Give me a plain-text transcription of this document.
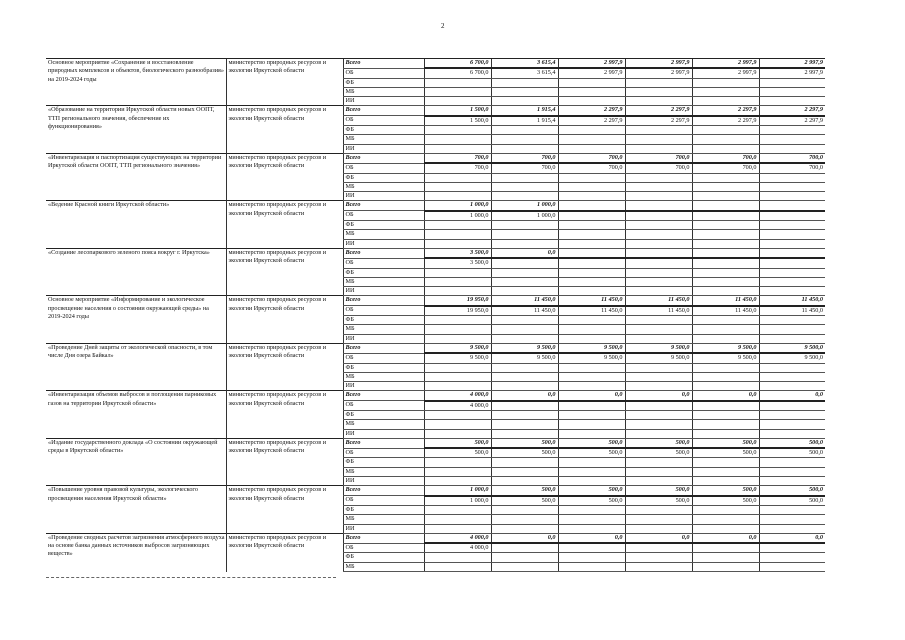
2
Основное мероприятие «Сохранение и восстановление природных комплексов и объектов, биологического разнообразия» на 2019-2024 годы	министерство природных ресурсов и экологии Иркутской области	Всего	6 700,0	3 615,4	2 997,9	2 997,9	2 997,9	2 997,9
		ОБ	6 700,0	3 615,4	2 997,9	2 997,9	2 997,9	2 997,9
		ФБ						
		МБ						
		ИИ						
«Образование на территории Иркутской области новых ООПТ, ТТП регионального значения, обеспечение их функционирования»	министерство природных ресурсов и экологии Иркутской области	Всего	1 500,0	1 915,4	2 297,9	2 297,9	2 297,9	2 297,9
		ОБ	1 500,0	1 915,4	2 297,9	2 297,9	2 297,9	2 297,9
		ФБ						
		МБ						
		ИИ						
«Инвентаризация и паспортизация существующих на территории Иркутской области ООПТ, ТТП регионального значения»	министерство природных ресурсов и экологии Иркутской области	Всего	700,0	700,0	700,0	700,0	700,0	700,0
		ОБ	700,0	700,0	700,0	700,0	700,0	700,0
		ФБ						
		МБ						
		ИИ						
«Ведение Красной книги Иркутской области»	министерство природных ресурсов и экологии Иркутской области	Всего	1 000,0	1 000,0				
		ОБ	1 000,0	1 000,0				
		ФБ						
		МБ						
		ИИ						
«Создание лесопаркового зеленого пояса вокруг г. Иркутска»	министерство природных ресурсов и экологии Иркутской области	Всего	3 500,0	0,0				
		ОБ	3 500,0					
		ФБ						
		МБ						
		ИИ						
Основное мероприятие «Информирование и экологическое просвещение населения о состоянии окружающей среды» на 2019-2024 годы	министерство природных ресурсов и экологии Иркутской области	Всего	19 950,0	11 450,0	11 450,0	11 450,0	11 450,0	11 450,0
		ОБ	19 950,0	11 450,0	11 450,0	11 450,0	11 450,0	11 450,0
		ФБ						
		МБ						
		ИИ						
«Проведение Дней защиты от экологической опасности, в том числе Дня озера Байкал»	министерство природных ресурсов и экологии Иркутской области	Всего	9 500,0	9 500,0	9 500,0	9 500,0	9 500,0	9 500,0
		ОБ	9 500,0	9 500,0	9 500,0	9 500,0	9 500,0	9 500,0
		ФБ						
		МБ						
		ИИ						
«Инвентаризация объемов выбросов и поглощения парниковых газов на территории Иркутской области»	министерство природных ресурсов и экологии Иркутской области	Всего	4 000,0	0,0	0,0	0,0	0,0	0,0
		ОБ	4 000,0					
		ФБ						
		МБ						
		ИИ						
«Издание государственного доклада «О состоянии окружающей среды в Иркутской области»	министерство природных ресурсов и экологии Иркутской области	Всего	500,0	500,0	500,0	500,0	500,0	500,0
		ОБ	500,0	500,0	500,0	500,0	500,0	500,0
		ФБ						
		МБ						
		ИИ						
«Повышение уровня правовой культуры, экологического просвещения населения Иркутской области»	министерство природных ресурсов и экологии Иркутской области	Всего	1 000,0	500,0	500,0	500,0	500,0	500,0
		ОБ	1 000,0	500,0	500,0	500,0	500,0	500,0
		ФБ						
		МБ						
		ИИ						
«Проведение сводных расчетов загрязнения атмосферного воздуха на основе банка данных источников выбросов загрязняющих веществ»	министерство природных ресурсов и экологии Иркутской области	Всего	4 000,0	0,0	0,0	0,0	0,0	0,0
		ОБ	4 000,0					
		ФБ						
		МБ						
